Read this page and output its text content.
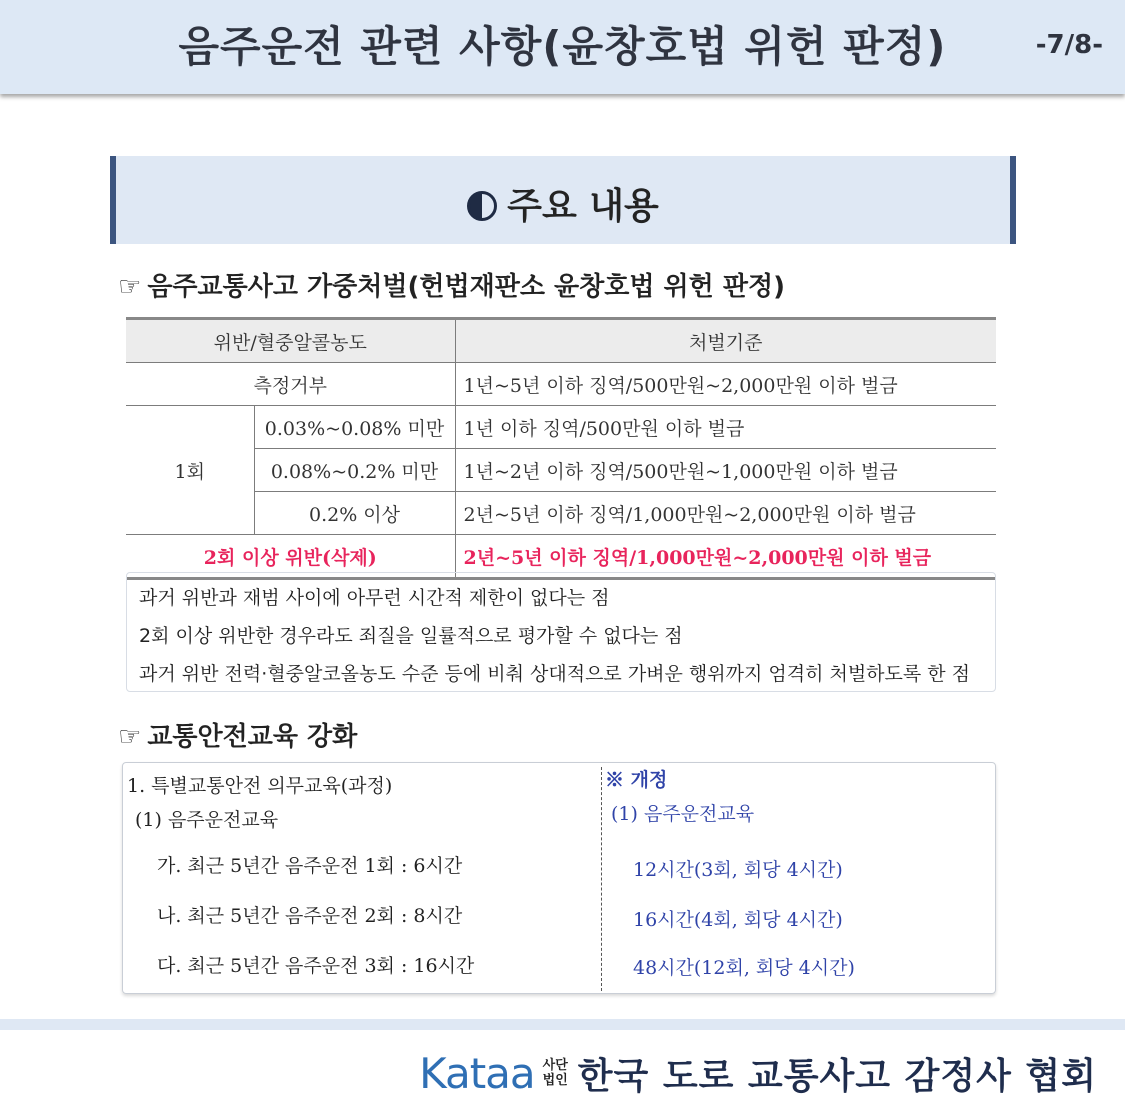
음주운전 관련 사항(윤창호법 위헌 판정)	-7/8-
주요 내용
☞ 음주교통사고 가중처벌(헌법재판소 윤창호법 위헌 판정)
위반/혈중알콜농도		처벌기준
측정거부		1년~5년 이하 징역/500만원~2,000만원 이하 벌금
1회	0.03%~0.08% 미만	1년 이하 징역/500만원 이하 벌금
	0.08%~0.2% 미만	1년~2년 이하 징역/500만원~1,000만원 이하 벌금
	0.2% 이상	2년~5년 이하 징역/1,000만원~2,000만원 이하 벌금
2회 이상 위반(삭제)		2년~5년 이하 징역/1,000만원~2,000만원 이하 벌금
과거 위반과 재범 사이에 아무런 시간적 제한이 없다는 점
2회 이상 위반한 경우라도 죄질을 일률적으로 평가할 수 없다는 점
과거 위반 전력·혈중알코올농도 수준 등에 비춰 상대적으로 가벼운 행위까지 엄격히 처벌하도록 한 점
☞ 교통안전교육 강화
1. 특별교통안전 의무교육(과정)
(1) 음주운전교육
가. 최근 5년간 음주운전 1회 : 6시간
나. 최근 5년간 음주운전 2회 : 8시간
다. 최근 5년간 음주운전 3회 : 16시간
※ 개정
(1) 음주운전교육
12시간(3회, 회당 4시간)
16시간(4회, 회당 4시간)
48시간(12회, 회당 4시간)
Kataa 사단
법인 한국 도로 교통사고 감정사 협회
